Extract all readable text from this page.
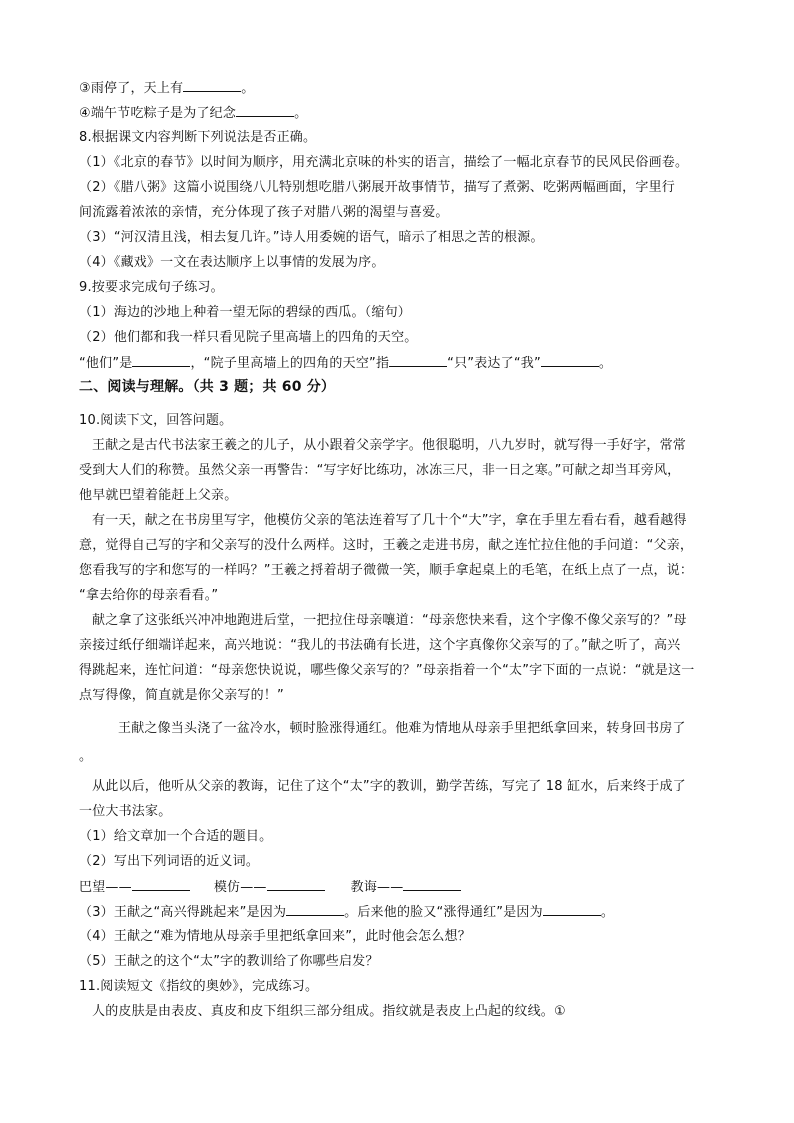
③雨停了，天上有	。
④端午节吃粽子是为了纪念	。
8.根据课文内容判断下列说法是否正确。
（1）《北京的春节》以时间为顺序，用充满北京味的朴实的语言，描绘了一幅北京春节的民风民俗画卷。
（2）《腊八粥》这篇小说围绕八儿特别想吃腊八粥展开故事情节，描写了煮粥、吃粥两幅画面，字里行
间流露着浓浓的亲情，充分体现了孩子对腊八粥的渴望与喜爱。
（3）“河汉清且浅，相去复几许。”诗人用委婉的语气，暗示了相思之苦的根源。
（4）《藏戏》一文在表达顺序上以事情的发展为序。
9.按要求完成句子练习。
（1）海边的沙地上种着一望无际的碧绿的西瓜。（缩句）
（2）他们都和我一样只看见院子里高墙上的四角的天空。
“他们”是	，“院子里高墙上的四角的天空”指	“只”表达了“我”	。
二、阅读与理解。（共 3 题；共 60 分）
10.阅读下文，回答问题。
王献之是古代书法家王羲之的儿子，从小跟着父亲学字。他很聪明，八九岁时，就写得一手好字，常常
受到大人们的称赞。虽然父亲一再警告：“写字好比练功，冰冻三尺，非一日之寒。”可献之却当耳旁风，
他早就巴望着能赶上父亲。
有一天，献之在书房里写字，他模仿父亲的笔法连着写了几十个“大”字，拿在手里左看右看，越看越得
意，觉得自己写的字和父亲写的没什么两样。这时，王羲之走进书房，献之连忙拉住他的手问道：“父亲，
您看我写的字和您写的一样吗？”王羲之捋着胡子微微一笑，顺手拿起桌上的毛笔，在纸上点了一点，说：
“拿去给你的母亲看看。”
献之拿了这张纸兴冲冲地跑进后堂，一把拉住母亲嚷道：“母亲您快来看，这个字像不像父亲写的？”母
亲接过纸仔细端详起来，高兴地说：“我儿的书法确有长进，这个字真像你父亲写的了。”献之听了，高兴
得跳起来，连忙问道：“母亲您快说说，哪些像父亲写的？”母亲指着一个“太”字下面的一点说：“就是这一
点写得像，简直就是你父亲写的！”
王献之像当头浇了一盆冷水，顿时脸涨得通红。他难为情地从母亲手里把纸拿回来，转身回书房了
。
从此以后，他听从父亲的教诲，记住了这个“太”字的教训，勤学苦练，写完了 18 缸水，后来终于成了
一位大书法家。
（1）给文章加一个合适的题目。
（2）写出下列词语的近义词。
巴望——	模仿——	教诲——
（3）王献之“高兴得跳起来”是因为	。后来他的脸又“涨得通红”是因为	。
（4）王献之“难为情地从母亲手里把纸拿回来”，此时他会怎么想？
（5）王献之的这个“太”字的教训给了你哪些启发？
11.阅读短文《指纹的奥妙》，完成练习。
人的皮肤是由表皮、真皮和皮下组织三部分组成。指纹就是表皮上凸起的纹线。①
